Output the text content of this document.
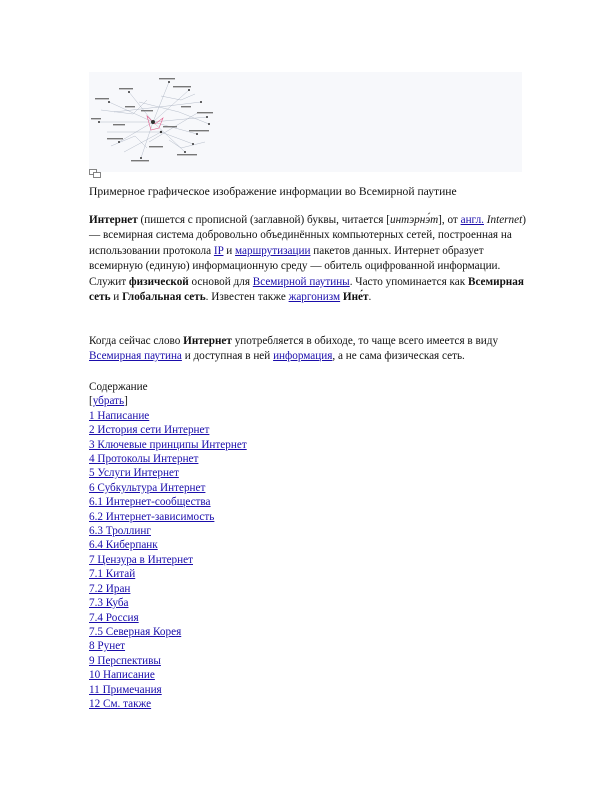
Примерное графическое изображение информации во Всемирной паутине
Интернет (пишется с прописной (заглавной) буквы, читается [интэрнэ́т], от англ. Internet) — всемирная система добровольно объединённых компьютерных сетей, построенная на использовании протокола IP и маршрутизации пакетов данных. Интернет образует всемирную (единую) информационную среду — обитель оцифрованной информации. Служит физической основой для Всемирной паутины. Часто упоминается как Всемирная сеть и Глобальная сеть. Известен также жаргонизм Ине́т.
Когда сейчас слово Интернет употребляется в обиходе, то чаще всего имеется в виду Всемирная паутина и доступная в ней информация, а не сама физическая сеть.
Содержание
[убрать]
1 Написание
2 История сети Интернет
3 Ключевые принципы Интернет
4 Протоколы Интернет
5 Услуги Интернет
6 Субкультура Интернет
6.1 Интернет-сообщества
6.2 Интернет-зависимость
6.3 Троллинг
6.4 Киберпанк
7 Цензура в Интернет
7.1 Китай
7.2 Иран
7.3 Куба
7.4 Россия
7.5 Северная Корея
8 Рунет
9 Перспективы
10 Написание
11 Примечания
12 См. также
